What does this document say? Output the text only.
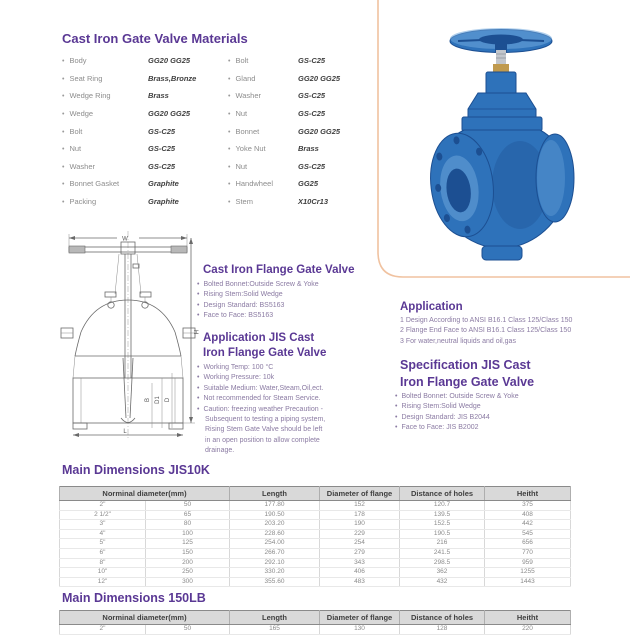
Cast Iron Gate Valve Materials
• Body	GG20 GG25
• Seat Ring	Brass,Bronze
• Wedge Ring	Brass
• Wedge	GG20 GG25
• Bolt	GS-C25
• Nut	GS-C25
• Washer	GS-C25
• Bonnet Gasket	Graphite
• Packing	Graphite
• Bolt	GS-C25
• Gland	GG20 GG25
• Washer	GS-C25
• Nut	GS-C25
• Bonnet	GG20 GG25
• Yoke Nut	Brass
• Nut	GS-C25
• Handwheel	GG25
• Stem	X10Cr13
W
H
L
B D1 D
Cast Iron Flange Gate Valve
• Bolted Bonnet:Outside Screw & Yoke
• Rising Stem:Solid Wedge
• Design Standard: BS5163
• Face to Face: BS5163
Application JIS Cast
Iron Flange Gate Valve
• Working Temp: 100 °C
• Working Pressure: 10k
• Suitable Medium: Water,Steam,Oil,ect.
• Not recommended for Steam Service.
• Caution: freezing weather Precaution -
Subsequent to testing a piping system,
Rising Stem Gate Valve should be left
in an open position to allow complete
drainage.
Application
1 Design According to ANSI B16.1 Class 125/Class 150
2 Flange End Face to ANSI B16.1 Class 125/Class 150
3 For water,neutral liquids and oil,gas
Specification JIS Cast
Iron Flange Gate Valve
• Bolted Bonnet: Outside Screw & Yoke
• Rising Stem:Solid Wedge
• Design Standard: JIS B2044
• Face to Face: JIS B2002
Main Dimensions JIS10K
Norminal diameter(mm)		Length	Diameter of flange	Distance of holes	Heitht
2"	50	177.80	152	120.7	375
2 1/2"	65	190.50	178	139.5	408
3"	80	203.20	190	152.5	442
4"	100	228.60	229	190.5	545
5"	125	254.00	254	216	656
6"	150	266.70	279	241.5	770
8"	200	292.10	343	298.5	959
10"	250	330.20	406	362	1255
12"	300	355.60	483	432	1443
Main Dimensions 150LB
Norminal diameter(mm)		Length	Diameter of flange	Distance of holes	Heitht
2"	50	165	130	128	220
